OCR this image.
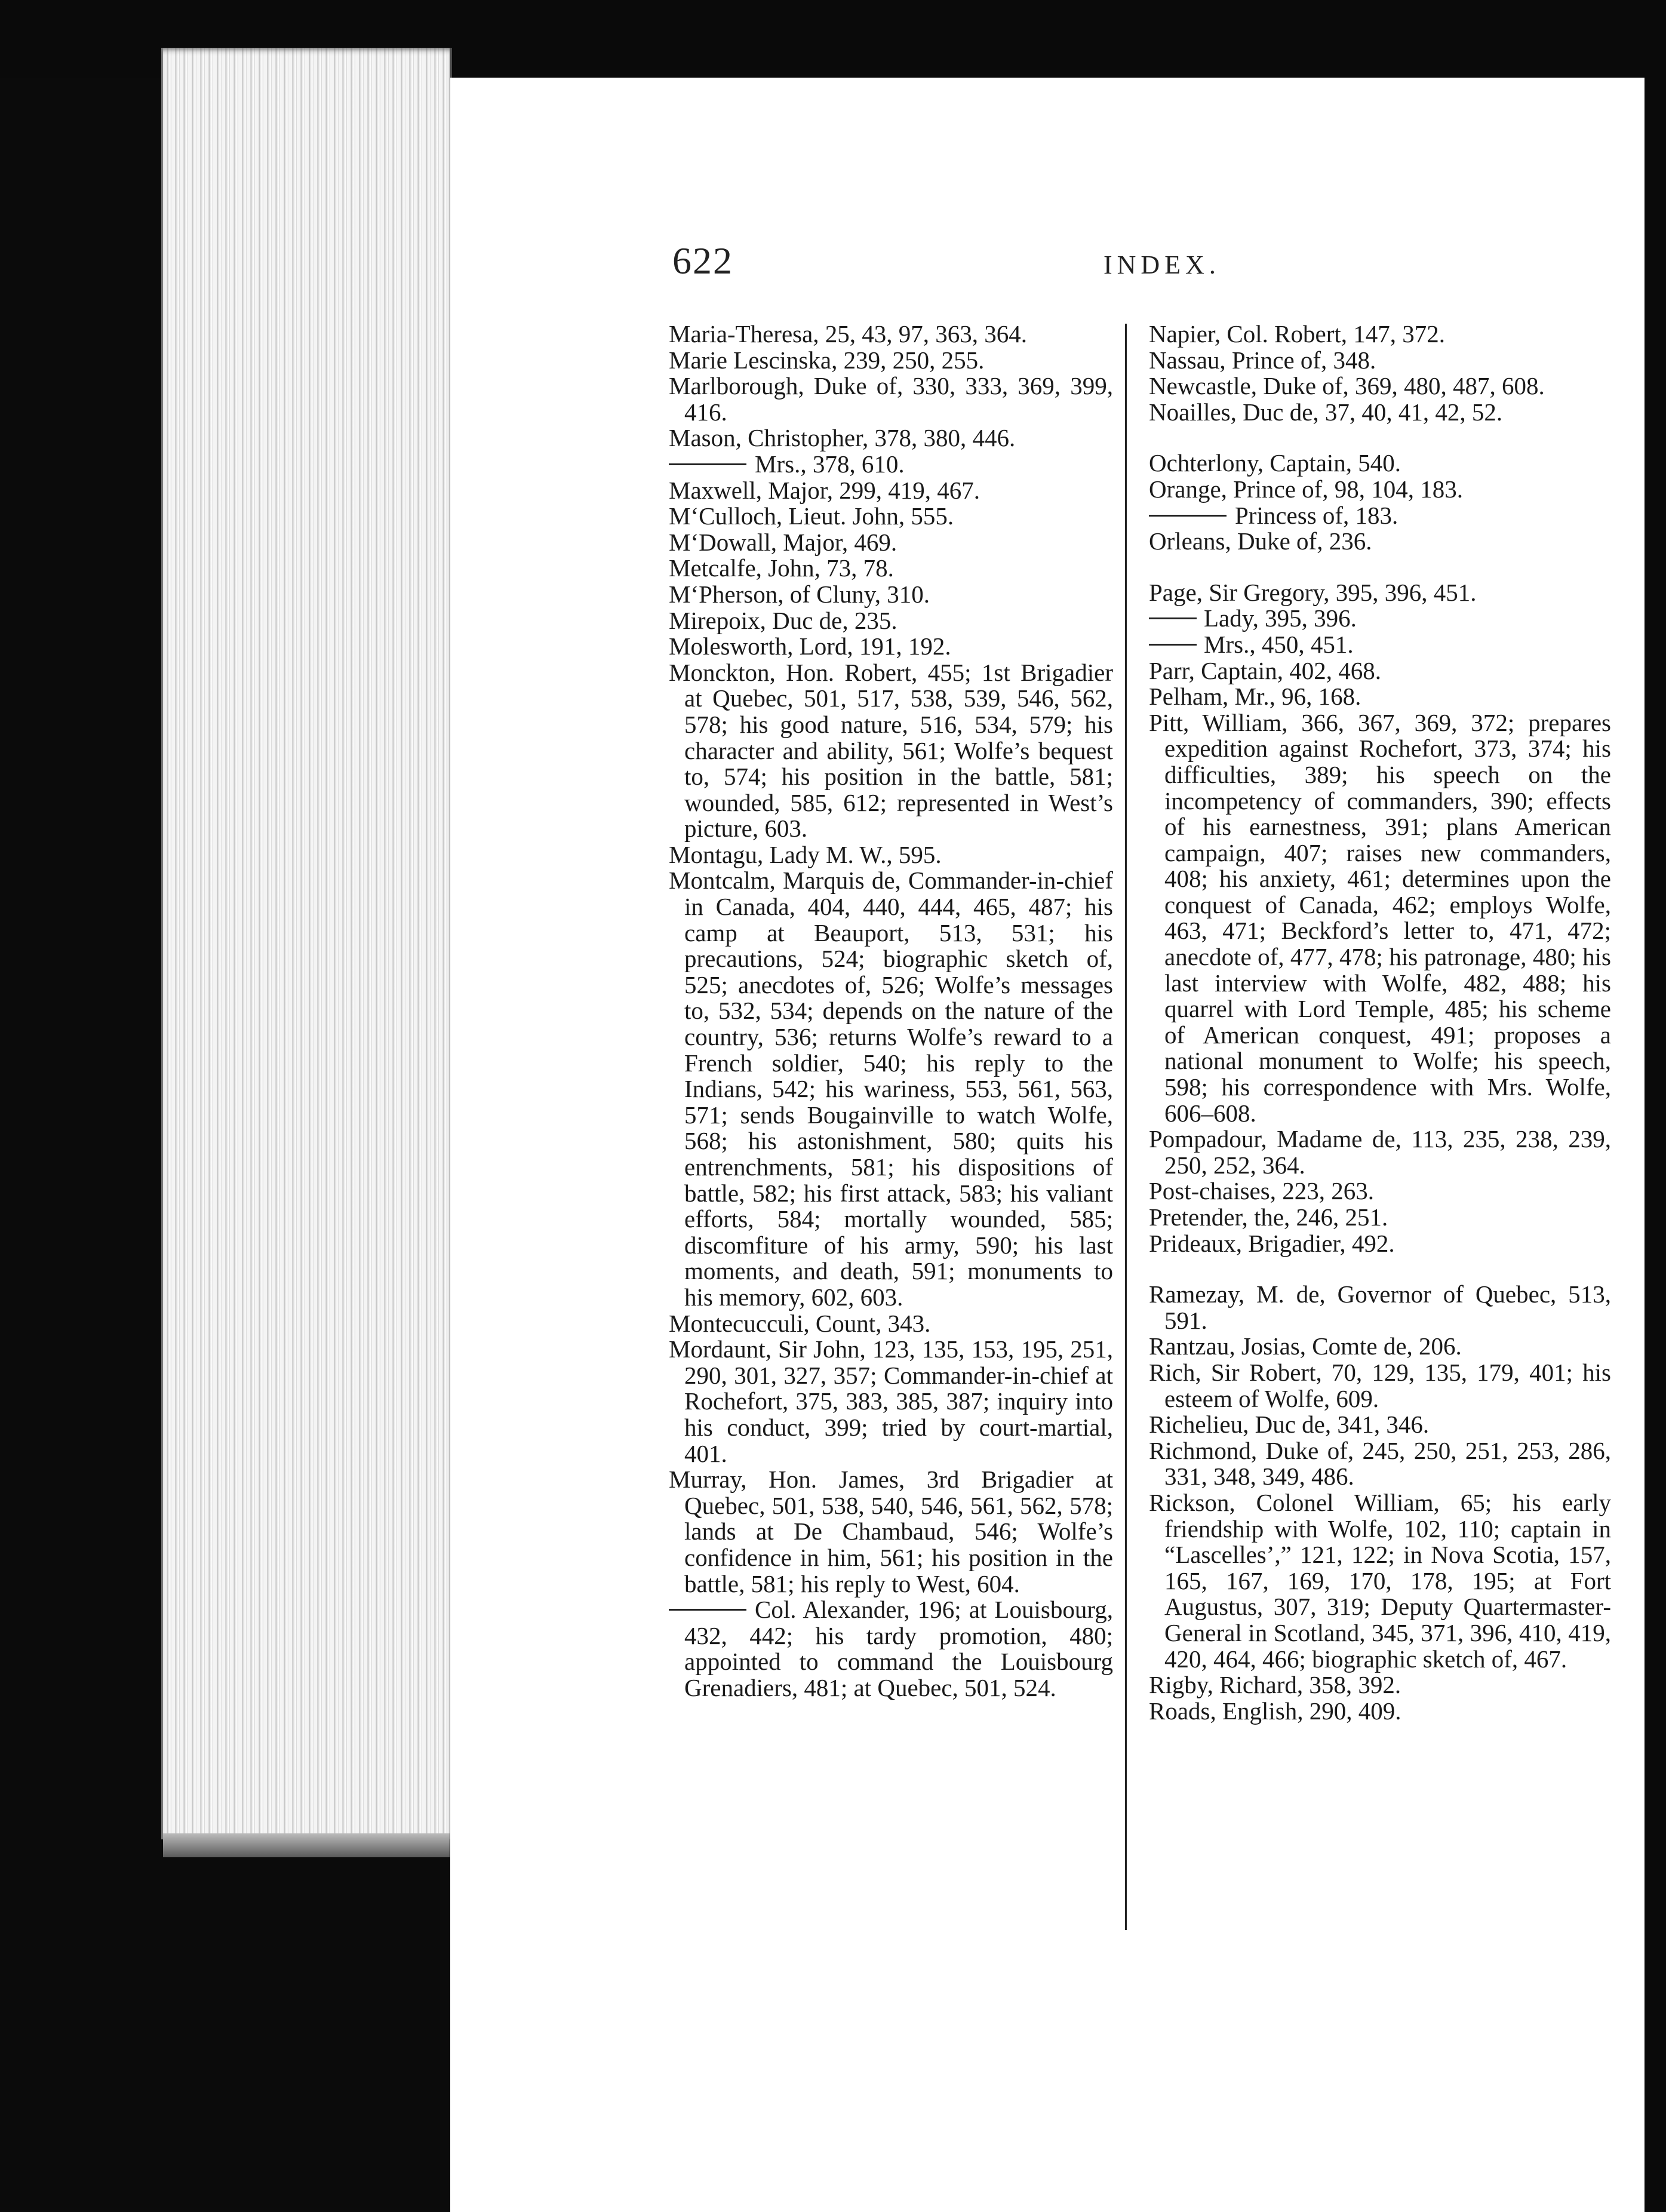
622	INDEX.

Maria-Theresa, 25, 43, 97, 363, 364.

Marie Lescinska, 239, 250, 255.

Marlborough, Duke of, 330, 333, 369, 399, 416.

Mason, Christopher, 378, 380, 446.

Mrs., 378, 610.

Maxwell, Major, 299, 419, 467.

M‘Culloch, Lieut. John, 555.

M‘Dowall, Major, 469.

Metcalfe, John, 73, 78.

M‘Pherson, of Cluny, 310.

Mirepoix, Duc de, 235.

Molesworth, Lord, 191, 192.

Monckton, Hon. Robert, 455; 1st Brigadier at Quebec, 501, 517, 538, 539, 546, 562, 578; his good nature, 516, 534, 579; his character and ability, 561; Wolfe’s bequest to, 574; his position in the battle, 581; wounded, 585, 612; represented in West’s picture, 603.

Montagu, Lady M. W., 595.

Montcalm, Marquis de, Commander-in-chief in Canada, 404, 440, 444, 465, 487; his camp at Beauport, 513, 531; his precautions, 524; biographic sketch of, 525; anecdotes of, 526; Wolfe’s messages to, 532, 534; depends on the nature of the country, 536; returns Wolfe’s reward to a French soldier, 540; his reply to the Indians, 542; his wariness, 553, 561, 563, 571; sends Bougainville to watch Wolfe, 568; his astonishment, 580; quits his entrenchments, 581; his dispositions of battle, 582; his first attack, 583; his valiant efforts, 584; mortally wounded, 585; discomfiture of his army, 590; his last moments, and death, 591; monuments to his memory, 602, 603.

Montecucculi, Count, 343.

Mordaunt, Sir John, 123, 135, 153, 195, 251, 290, 301, 327, 357; Commander-in-chief at Rochefort, 375, 383, 385, 387; inquiry into his conduct, 399; tried by court-martial, 401.

Murray, Hon. James, 3rd Brigadier at Quebec, 501, 538, 540, 546, 561, 562, 578; lands at De Chambaud, 546; Wolfe’s confidence in him, 561; his position in the battle, 581; his reply to West, 604.

Col. Alexander, 196; at Louisbourg, 432, 442; his tardy promotion, 480; appointed to command the Louisbourg Grenadiers, 481; at Quebec, 501, 524.

Napier, Col. Robert, 147, 372.

Nassau, Prince of, 348.

Newcastle, Duke of, 369, 480, 487, 608.

Noailles, Duc de, 37, 40, 41, 42, 52.

Ochterlony, Captain, 540.

Orange, Prince of, 98, 104, 183.

Princess of, 183.

Orleans, Duke of, 236.

Page, Sir Gregory, 395, 396, 451.

Lady, 395, 396.

Mrs., 450, 451.

Parr, Captain, 402, 468.

Pelham, Mr., 96, 168.

Pitt, William, 366, 367, 369, 372; prepares expedition against Rochefort, 373, 374; his difficulties, 389; his speech on the incompetency of commanders, 390; effects of his earnestness, 391; plans American campaign, 407; raises new commanders, 408; his anxiety, 461; determines upon the conquest of Canada, 462; employs Wolfe, 463, 471; Beckford’s letter to, 471, 472; anecdote of, 477, 478; his patronage, 480; his last interview with Wolfe, 482, 488; his quarrel with Lord Temple, 485; his scheme of American conquest, 491; proposes a national monument to Wolfe; his speech, 598; his correspondence with Mrs. Wolfe, 606–608.

Pompadour, Madame de, 113, 235, 238, 239, 250, 252, 364.

Post-chaises, 223, 263.

Pretender, the, 246, 251.

Prideaux, Brigadier, 492.

Ramezay, M. de, Governor of Quebec, 513, 591.

Rantzau, Josias, Comte de, 206.

Rich, Sir Robert, 70, 129, 135, 179, 401; his esteem of Wolfe, 609.

Richelieu, Duc de, 341, 346.

Richmond, Duke of, 245, 250, 251, 253, 286, 331, 348, 349, 486.

Rickson, Colonel William, 65; his early friendship with Wolfe, 102, 110; captain in “Lascelles’,” 121, 122; in Nova Scotia, 157, 165, 167, 169, 170, 178, 195; at Fort Augustus, 307, 319; Deputy Quartermaster-General in Scotland, 345, 371, 396, 410, 419, 420, 464, 466; biographic sketch of, 467.

Rigby, Richard, 358, 392.

Roads, English, 290, 409.
